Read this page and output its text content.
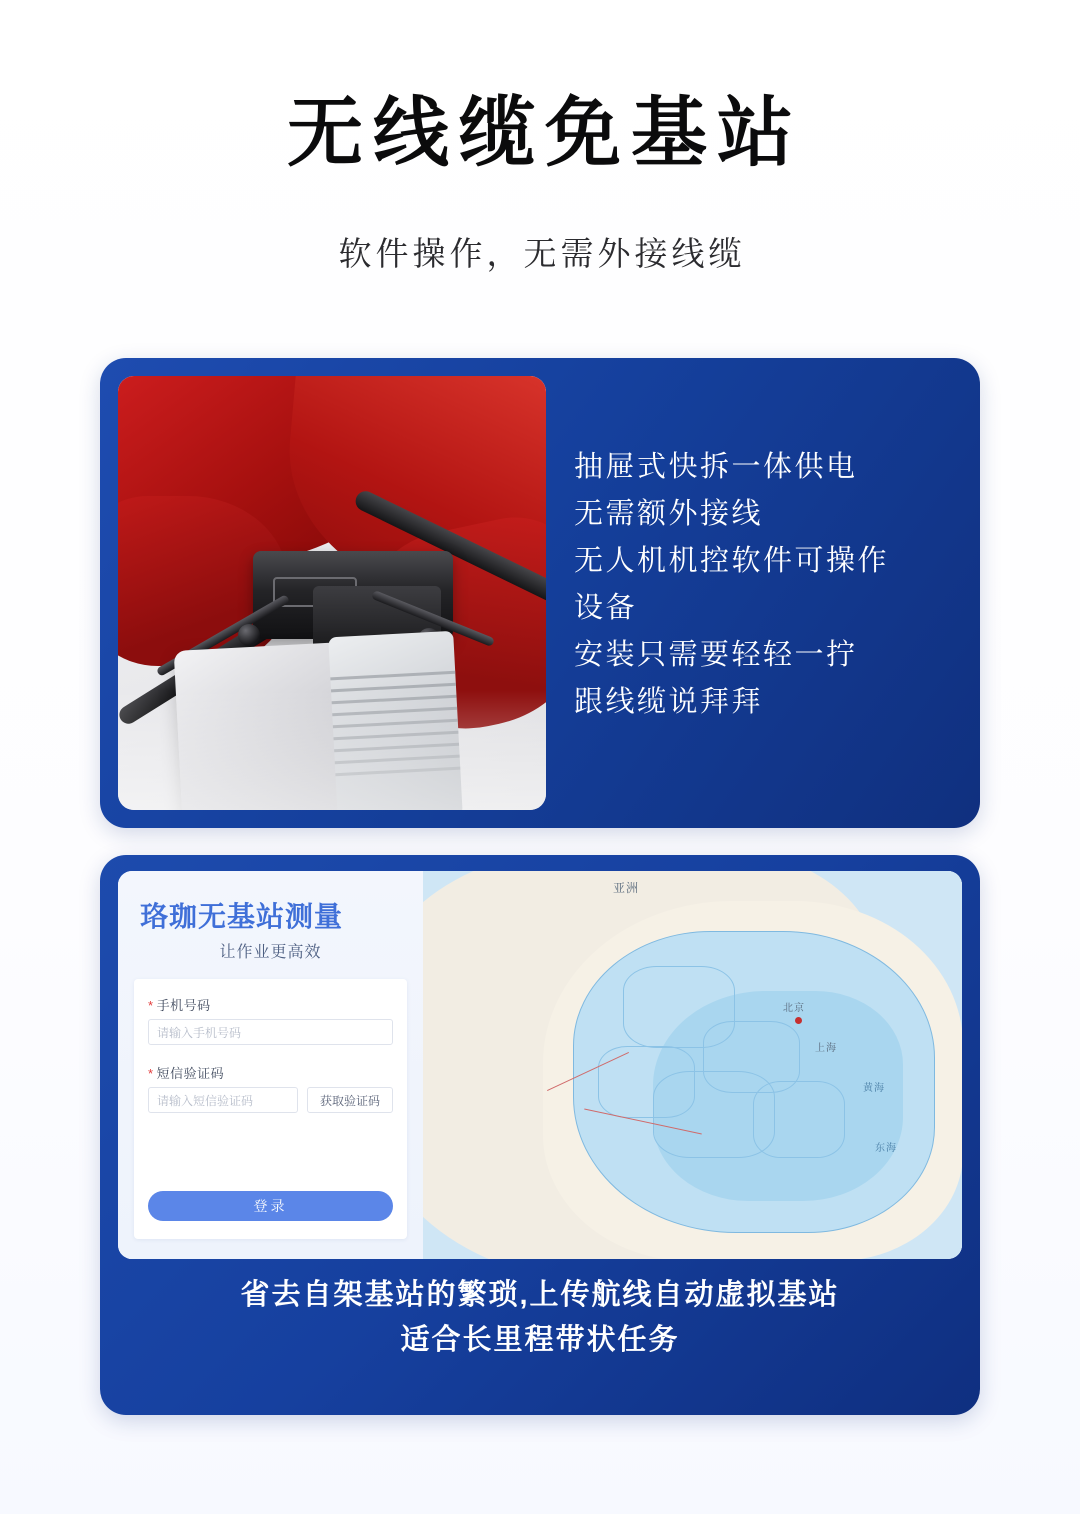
无线缆免基站
软件操作，无需外接线缆
抽屉式快拆一体供电
无需额外接线
无人机机控软件可操作
设备
安装只需要轻轻一拧
跟线缆说拜拜
珞珈无基站测量
让作业更高效
* 手机号码
请输入手机号码
* 短信验证码
请输入短信验证码	获取验证码
登录
亚洲
北京
上海
黄海
东海
省去自架基站的繁琐,上传航线自动虚拟基站
适合长里程带状任务
